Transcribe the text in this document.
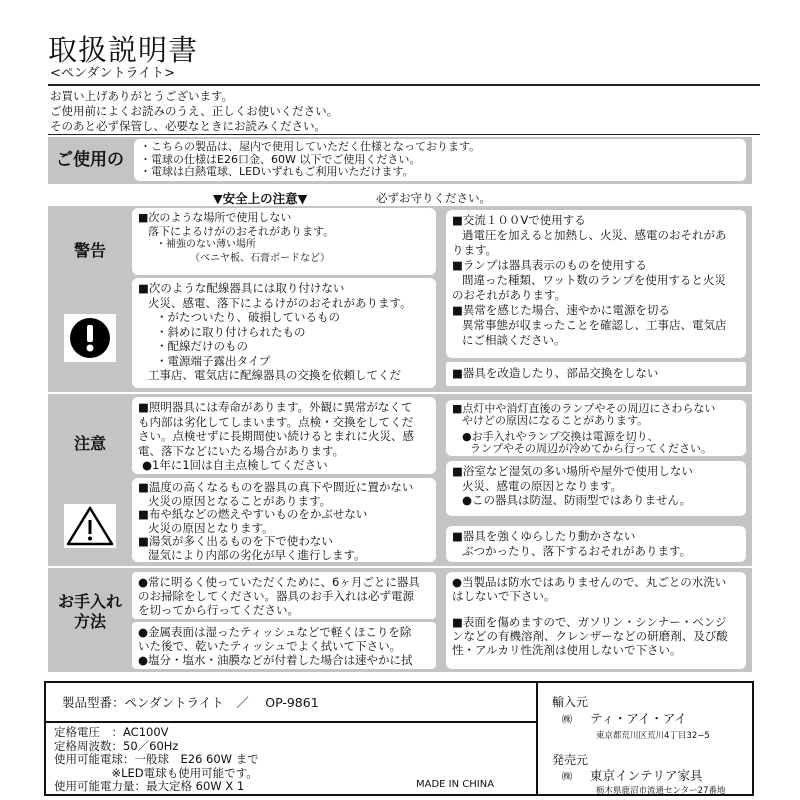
取扱説明書
<ペンダントライト>
お買い上げありがとうございます。
ご使用前によくお読みのうえ、正しくお使いください。
そのあと必ず保管し、必要なときにお読みください。
ご使用の
・こちらの製品は、屋内で使用していただく仕様となっております。
・電球の仕様はE26口金、60W 以下でご使用ください。
・電球は白熱電球、LEDいずれもご利用いただけます。
▼安全上の注意▼	必ずお守りください。
警告
■次のような場所で使用しない
落下によるけがのおそれがあります。
・補強のない薄い場所
（ベニヤ板、石膏ボードなど）
■次のような配線器具には取り付けない
火災、感電、落下によるけがのおそれがあります。
・がたついたり、破損しているもの
・斜めに取り付けられたもの
・配線だけのもの
・電源端子露出タイプ
工事店、電気店に配線器具の交換を依頼してくだ
■交流１００Vで使用する
過電圧を加えると加熱し、火災、感電のおそれがあ
ります。
■ランプは器具表示のものを使用する
間違った種類、ワット数のランプを使用すると火災
のおそれがあります。
■異常を感じた場合、速やかに電源を切る
異常事態が収まったことを確認し、工事店、電気店
にご相談ください。
■器具を改造したり、部品交換をしない
注意
■照明器具には寿命があります。外観に異常がなくて
も内部は劣化してしまいます。点検・交換をしてくだ
さい。点検せずに長期間使い続けるとまれに火災、感
電、落下などにいたる場合があります。
●1年に1回は自主点検してください
■温度の高くなるものを器具の真下や間近に置かない
火災の原因となることがあります。
■布や紙などの燃えやすいものをかぶせない
火災の原因となります。
■湯気が多く出るものを下で使わない
湿気により内部の劣化が早く進行します。
■点灯中や消灯直後のランプやその周辺にさわらない
やけどの原因になることがあります。
●お手入れやランプ交換は電源を切り、
ランプやその周辺が冷めてから行ってください。
■浴室など湿気の多い場所や屋外で使用しない
火災、感電の原因となります。
●この器具は防湿、防雨型ではありません。
■器具を強くゆらしたり動かさない
ぶつかったり、落下するおそれがあります。
お手入れ
方法
●常に明るく使っていただくために、6ヶ月ごとに器具
のお掃除をしてください。器具のお手入れは必ず電源
を切ってから行ってください。
●金属表面は湿ったティッシュなどで軽くほこりを除
いた後で、乾いたティッシュでよく拭いて下さい。
●塩分・塩水・油膜などが付着した場合は速やかに拭
●当製品は防水ではありませんので、丸ごとの水洗い
はしないで下さい。
■表面を傷めますので、ガソリン・シンナー・ベンジ
ンなどの有機溶剤、クレンザーなどの研磨剤、及び酸
性・アルカリ性洗剤は使用しないで下さい。
製品型番：ペンダントライト　／　 OP-9861
定格電圧　：AC100V
定格周波数：50／60Hz
使用可能電球：一般球　E26 60W まで
　　　　　※LED電球も使用可能です。
使用可能電力量：最大定格 60W X 1	MADE IN CHINA
輸入元
㈱ ティ・アイ・アイ
東京都荒川区荒川4丁目32−5
発売元
㈱ 東京インテリア家具
栃木県鹿沼市流通センター27番地
